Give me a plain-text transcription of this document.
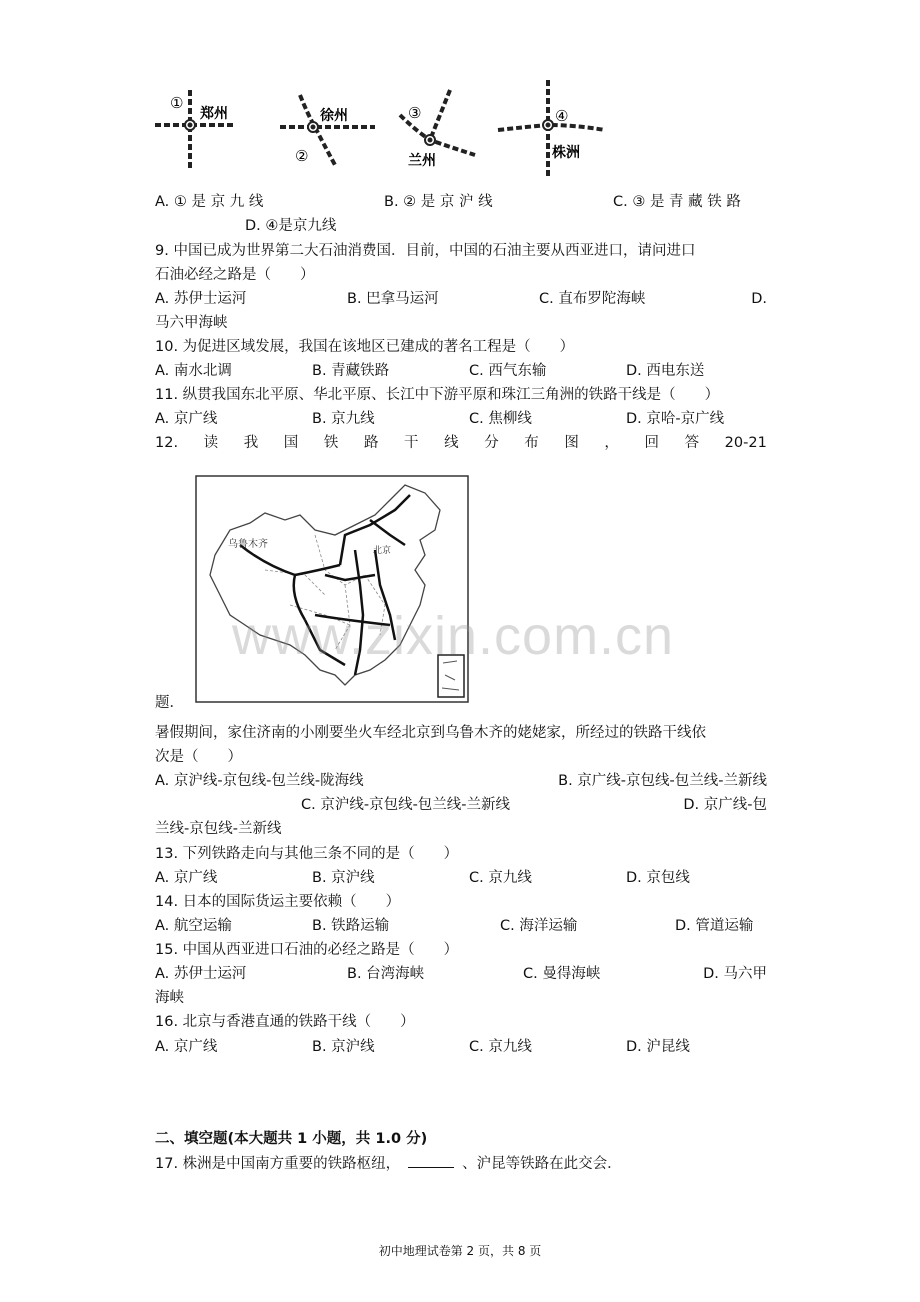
①
郑州	徐州
②
③
兰州
④
株洲
A. ① 是 京 九 线	B. ② 是 京 沪 线	C. ③ 是 青 藏 铁 路
D. ④是京九线
9. 中国已成为世界第二大石油消费国．目前，中国的石油主要从西亚进口，请问进口
石油必经之路是（　　）
A. 苏伊士运河	B. 巴拿马运河	C. 直布罗陀海峡	D.
马六甲海峡
10. 为促进区域发展，我国在该地区已建成的著名工程是（　　）
A. 南水北调	B. 青藏铁路	C. 西气东输	D. 西电东送
11. 纵贯我国东北平原、华北平原、长江中下游平原和珠江三角洲的铁路干线是（　　）
A. 京广线	B. 京九线	C. 焦柳线	D. 京哈-京广线
12. 读 我 国 铁 路 干 线 分 布 图 ， 回 答 20-21
乌鲁木齐
北京
题．
暑假期间，家住济南的小刚要坐火车经北京到乌鲁木齐的姥姥家，所经过的铁路干线依
次是（　　）
A. 京沪线-京包线-包兰线-陇海线	B. 京广线-京包线-包兰线-兰新线
C. 京沪线-京包线-包兰线-兰新线	D. 京广线-包
兰线-京包线-兰新线
13. 下列铁路走向与其他三条不同的是（　　）
A. 京广线	B. 京沪线	C. 京九线	D. 京包线
14. 日本的国际货运主要依赖（　　）
A. 航空运输	B. 铁路运输	C. 海洋运输	D. 管道运输
15. 中国从西亚进口石油的必经之路是（　　）
A. 苏伊士运河	B. 台湾海峡	C. 曼得海峡	D. 马六甲
海峡
16. 北京与香港直通的铁路干线（　　）
A. 京广线	B. 京沪线	C. 京九线	D. 沪昆线
二、填空题(本大题共 1 小题，共 1.0 分)
17. 株洲是中国南方重要的铁路枢纽，	、沪昆等铁路在此交会．
www.zixin.com.cn
初中地理试卷第 2 页，共 8 页
